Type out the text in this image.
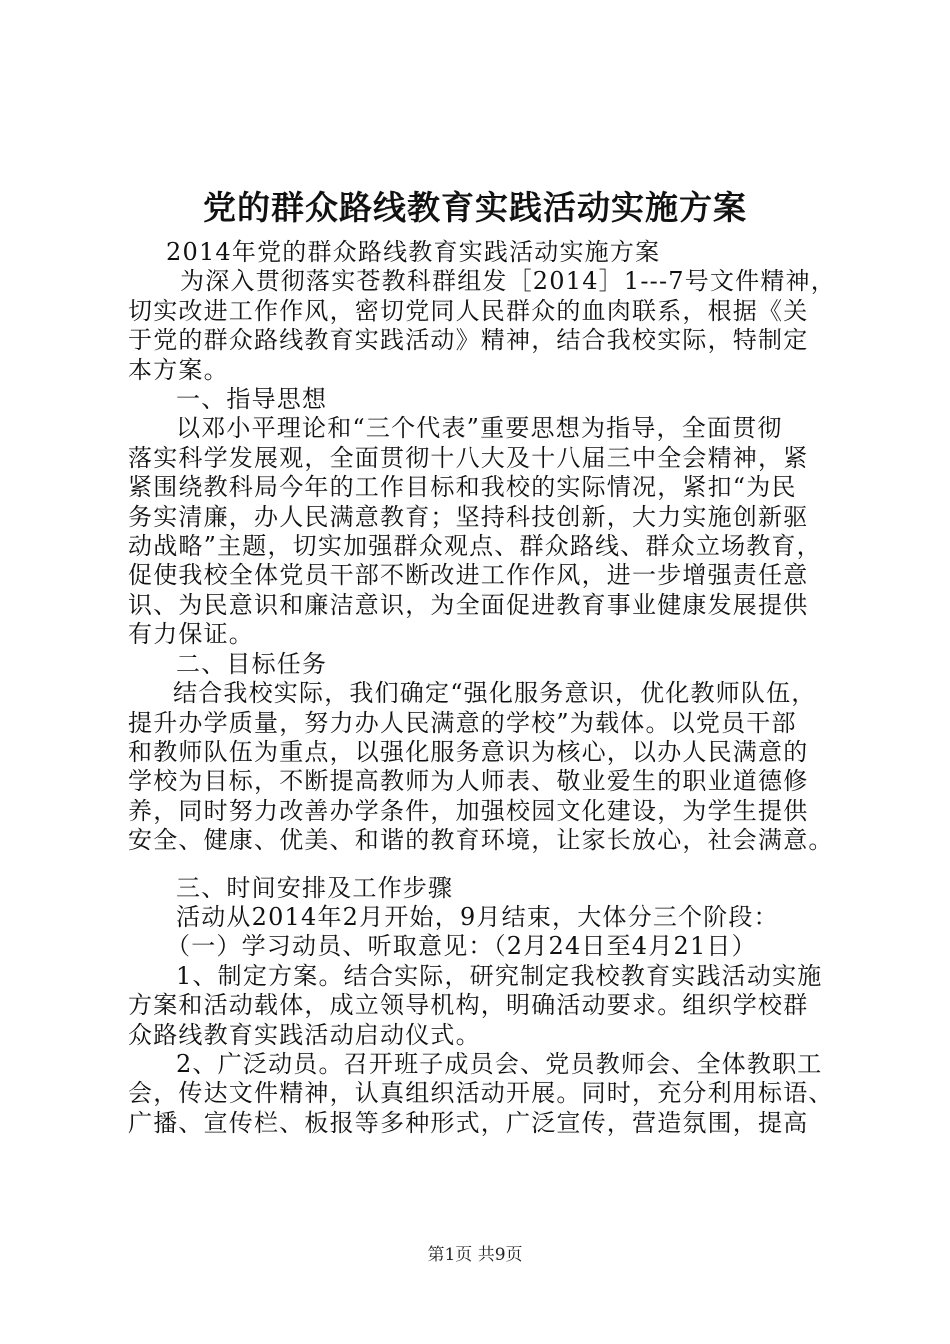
党的群众路线教育实践活动实施方案
2014年党的群众路线教育实践活动实施方案
为深入贯彻落实苍教科群组发［2014］1---7号文件精神，
切实改进工作作风，密切党同人民群众的血肉联系，根据《关
于党的群众路线教育实践活动》精神，结合我校实际，特制定
本方案。
一、指导思想
以邓小平理论和“三个代表”重要思想为指导，全面贯彻
落实科学发展观，全面贯彻十八大及十八届三中全会精神，紧
紧围绕教科局今年的工作目标和我校的实际情况，紧扣“为民
务实清廉，办人民满意教育；坚持科技创新，大力实施创新驱
动战略”主题，切实加强群众观点、群众路线、群众立场教育，
促使我校全体党员干部不断改进工作作风，进一步增强责任意
识、为民意识和廉洁意识，为全面促进教育事业健康发展提供
有力保证。
二、目标任务
结合我校实际，我们确定“强化服务意识，优化教师队伍，
提升办学质量，努力办人民满意的学校”为载体。以党员干部
和教师队伍为重点，以强化服务意识为核心，以办人民满意的
学校为目标，不断提高教师为人师表、敬业爱生的职业道德修
养，同时努力改善办学条件，加强校园文化建设，为学生提供
安全、健康、优美、和谐的教育环境，让家长放心，社会满意。
三、时间安排及工作步骤
活动从2014年2月开始，9月结束，大体分三个阶段：
（一）学习动员、听取意见：（2月24日至4月21日）
1、制定方案。结合实际，研究制定我校教育实践活动实施
方案和活动载体，成立领导机构，明确活动要求。组织学校群
众路线教育实践活动启动仪式。
2、广泛动员。召开班子成员会、党员教师会、全体教职工
会，传达文件精神，认真组织活动开展。同时，充分利用标语、
广播、宣传栏、板报等多种形式，广泛宣传，营造氛围，提高
第1页 共9页
